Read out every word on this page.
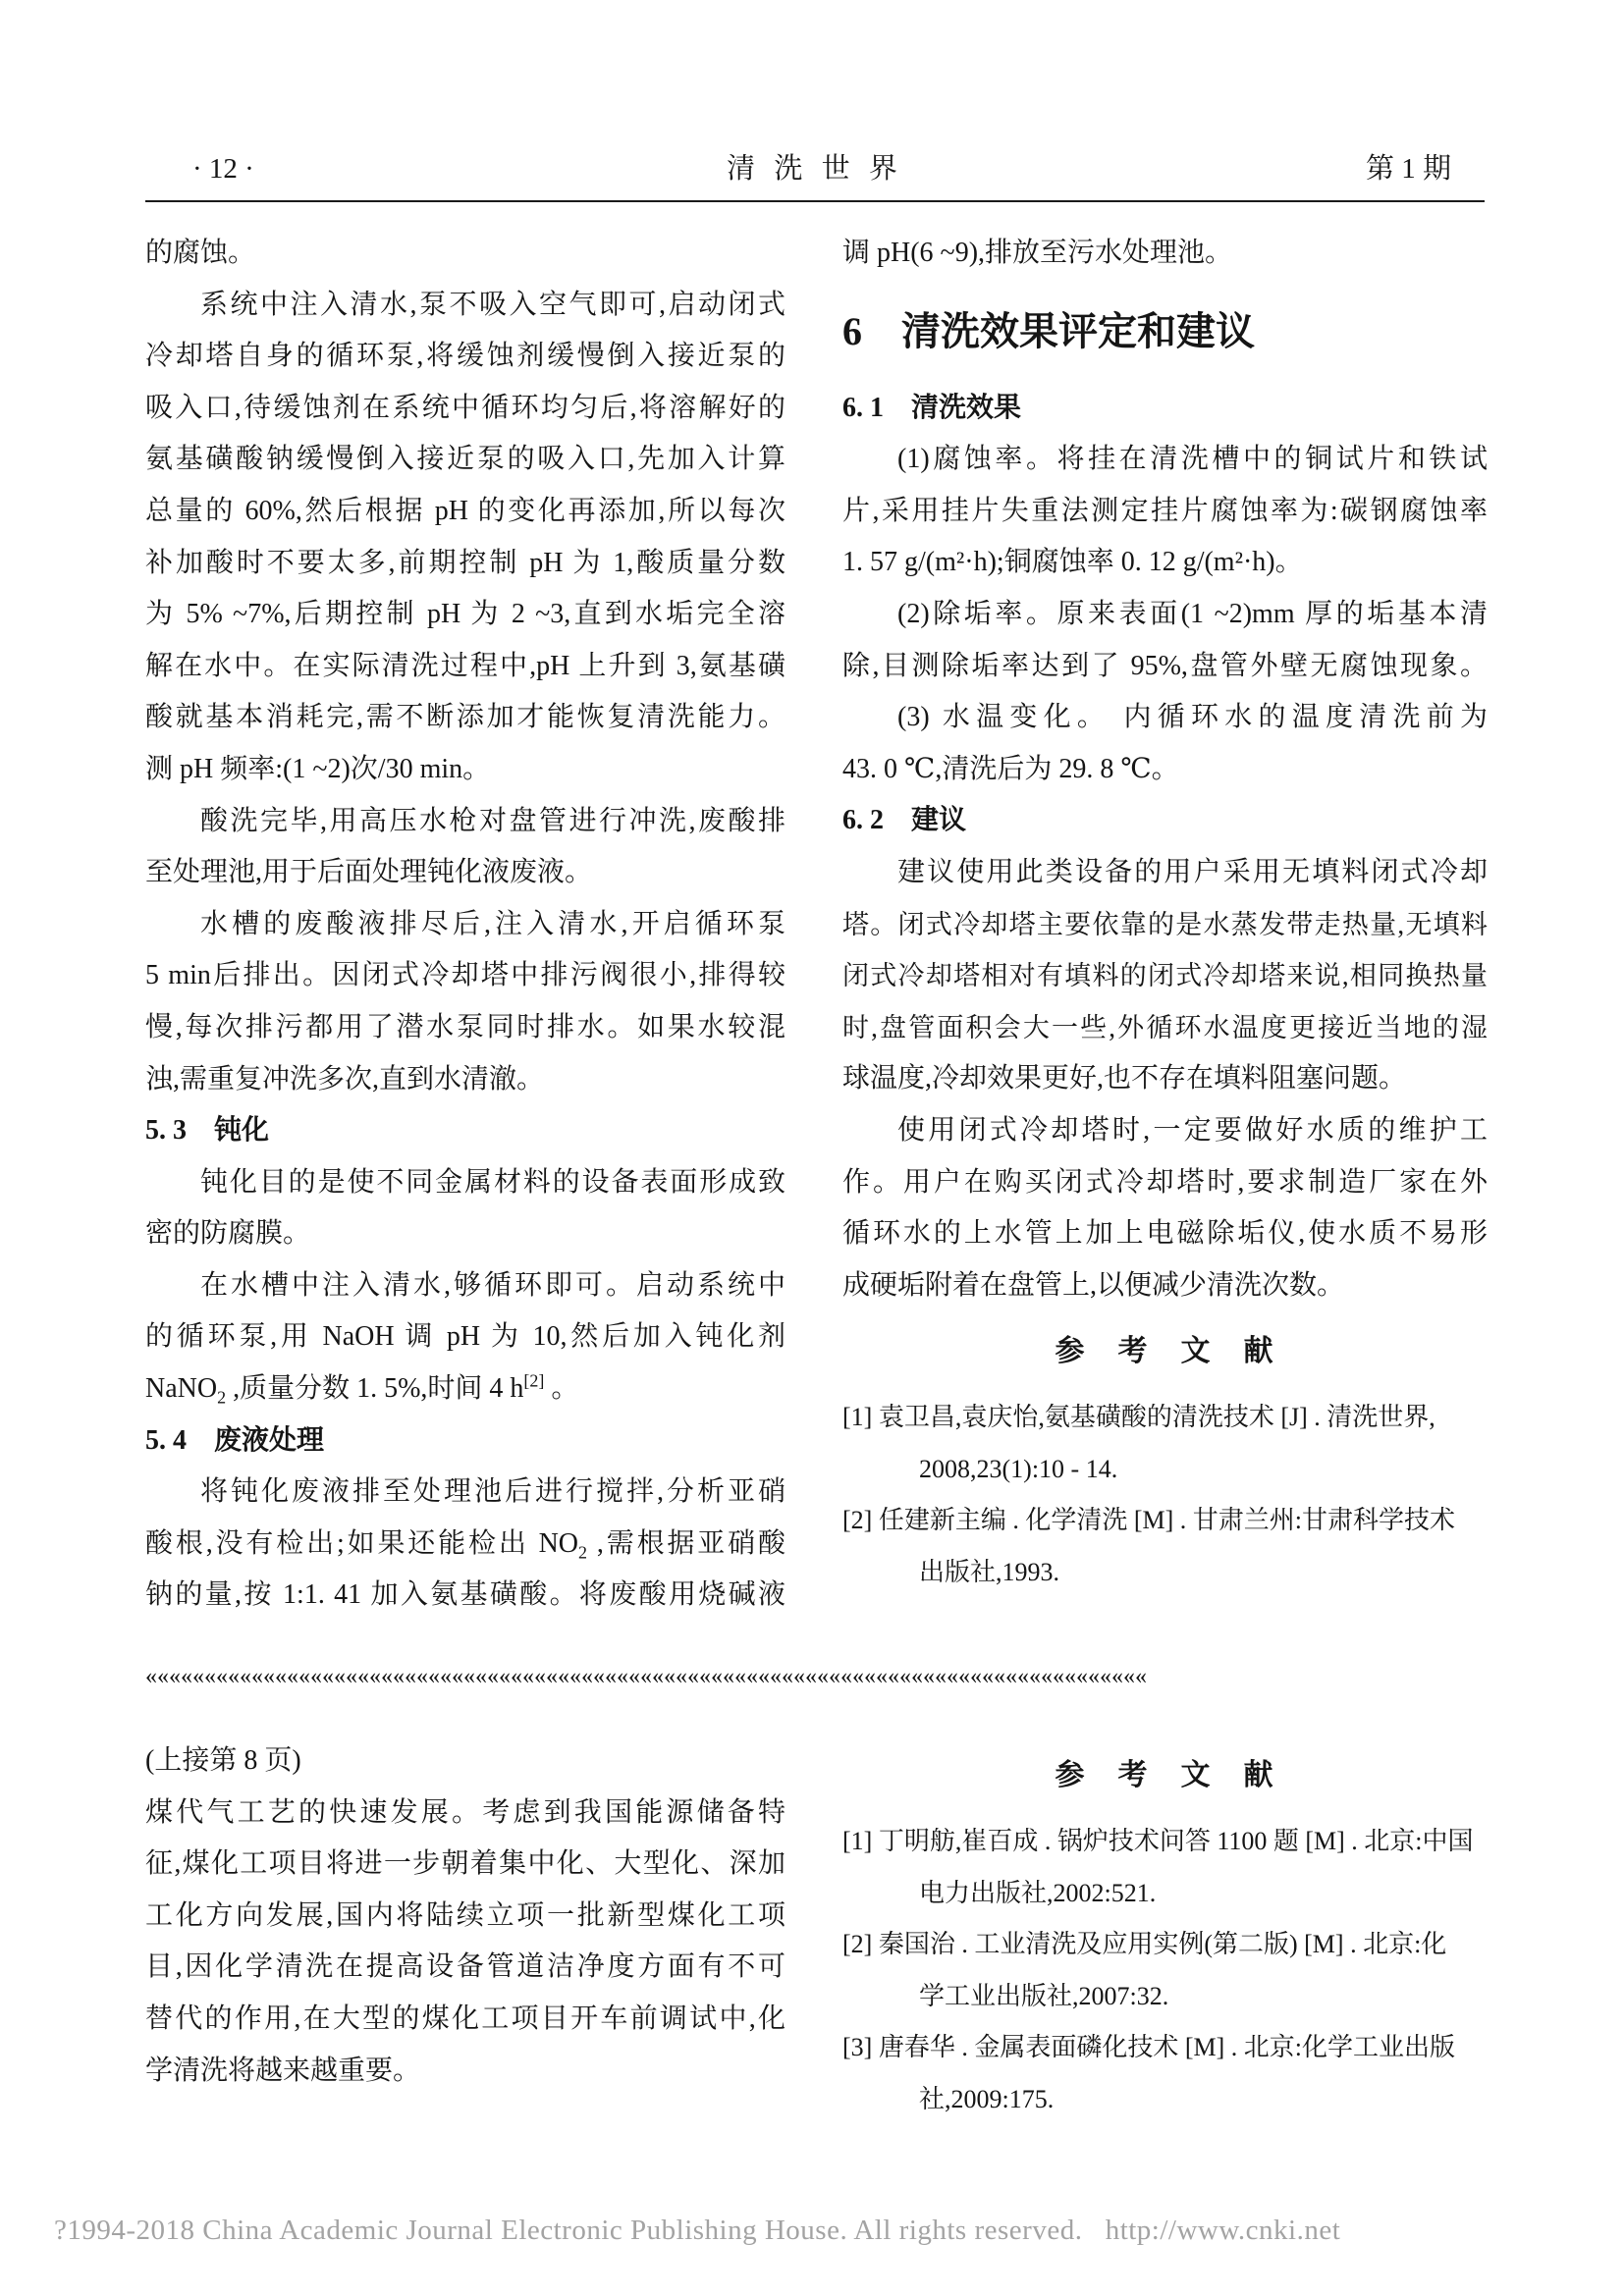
· 12 ·	清 洗 世 界	第 1 期
的腐蚀。
系统中注入清水,泵不吸入空气即可,启动闭式
冷却塔自身的循环泵,将缓蚀剂缓慢倒入接近泵的
吸入口,待缓蚀剂在系统中循环均匀后,将溶解好的
氨基磺酸钠缓慢倒入接近泵的吸入口,先加入计算
总量的 60%,然后根据 pH 的变化再添加,所以每次
补加酸时不要太多,前期控制 pH 为 1,酸质量分数
为 5% ~7%,后期控制 pH 为 2 ~3,直到水垢完全溶
解在水中。在实际清洗过程中,pH 上升到 3,氨基磺
酸就基本消耗完,需不断添加才能恢复清洗能力。
测 pH 频率:(1 ~2)次/30 min。
酸洗完毕,用高压水枪对盘管进行冲洗,废酸排
至处理池,用于后面处理钝化液废液。
水槽的废酸液排尽后,注入清水,开启循环泵
5 min后排出。因闭式冷却塔中排污阀很小,排得较
慢,每次排污都用了潜水泵同时排水。如果水较混
浊,需重复冲洗多次,直到水清澈。
5. 3　钝化
钝化目的是使不同金属材料的设备表面形成致
密的防腐膜。
在水槽中注入清水,够循环即可。启动系统中
的循环泵,用 NaOH 调 pH 为 10,然后加入钝化剂
NaNO$_2$ ,质量分数 1. 5%,时间 4 h[2] 。
5. 4　废液处理
将钝化废液排至处理池后进行搅拌,分析亚硝
酸根,没有检出;如果还能检出 $NO_2$ ,需根据亚硝酸
钠的量,按 1:1. 41 加入氨基磺酸。将废酸用烧碱液
调 pH(6 ~9),排放至污水处理池。
6　清洗效果评定和建议
6. 1　清洗效果
(1)腐蚀率。将挂在清洗槽中的铜试片和铁试
片,采用挂片失重法测定挂片腐蚀率为:碳钢腐蚀率
1. 57 g/(m²·h);铜腐蚀率 0. 12 g/(m²·h)。
(2)除垢率。原来表面(1 ~2)mm 厚的垢基本清
除,目测除垢率达到了 95%,盘管外壁无腐蚀现象。
(3) 水温变化。 内循环水的温度清洗前为
43. 0 ℃,清洗后为 29. 8 ℃。
6. 2　建议
建议使用此类设备的用户采用无填料闭式冷却
塔。闭式冷却塔主要依靠的是水蒸发带走热量,无填料
闭式冷却塔相对有填料的闭式冷却塔来说,相同换热量
时,盘管面积会大一些,外循环水温度更接近当地的湿
球温度,冷却效果更好,也不存在填料阻塞问题。
使用闭式冷却塔时,一定要做好水质的维护工
作。用户在购买闭式冷却塔时,要求制造厂家在外
循环水的上水管上加上电磁除垢仪,使水质不易形
成硬垢附着在盘管上,以便减少清洗次数。
参　考　文　献
[1] 袁卫昌,袁庆怡,氨基磺酸的清洗技术 [J] . 清洗世界,
2008,23(1):10 - 14.
[2] 任建新主编 . 化学清洗 [M] . 甘肃兰州:甘肃科学技术
出版社,1993.
«««««««««««««««««««««««««««««««««««««««««««««««««««««««««««««««««««««««««««««««««««««
(上接第 8 页)
煤代气工艺的快速发展。考虑到我国能源储备特
征,煤化工项目将进一步朝着集中化、大型化、深加
工化方向发展,国内将陆续立项一批新型煤化工项
目,因化学清洗在提高设备管道洁净度方面有不可
替代的作用,在大型的煤化工项目开车前调试中,化
学清洗将越来越重要。
参　考　文　献
[1] 丁明舫,崔百成 . 锅炉技术问答 1100 题 [M] . 北京:中国
电力出版社,2002:521.
[2] 秦国治 . 工业清洗及应用实例(第二版) [M] . 北京:化
学工业出版社,2007:32.
[3] 唐春华 . 金属表面磷化技术 [M] . 北京:化学工业出版
社,2009:175.
?1994-2018 China Academic Journal Electronic Publishing House. All rights reserved.   http://www.cnki.net
